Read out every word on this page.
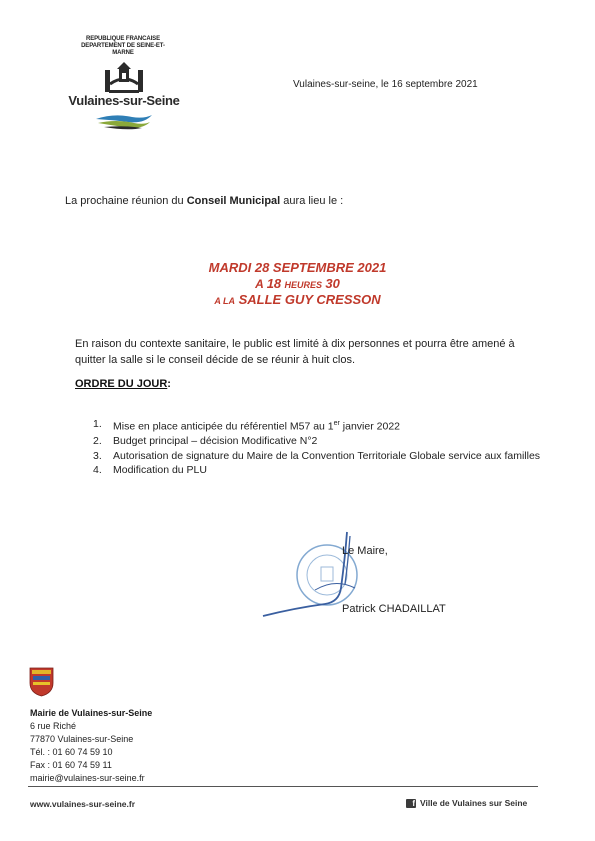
REPUBLIQUE FRANCAISE
DEPARTEMENT DE SEINE-ET-
MARNE
Vulaines-sur-Seine
Vulaines-sur-seine, le 16 septembre 2021
La prochaine réunion du Conseil Municipal aura lieu le :
MARDI 28 SEPTEMBRE 2021
A 18 HEURES 30
A LA SALLE GUY CRESSON
En raison du contexte sanitaire, le public est limité à dix personnes et pourra être amené à quitter la salle si le conseil décide de se réunir à huit clos.
ORDRE DU JOUR:
1.	Mise en place anticipée du référentiel M57 au 1er janvier 2022
2.	Budget principal – décision Modificative N°2
3.	Autorisation de signature du Maire de la Convention Territoriale Globale service aux familles
4.	Modification du PLU
Le Maire,
Patrick CHADAILLAT
Mairie de Vulaines-sur-Seine
6 rue Riché
77870 Vulaines-sur-Seine
Tél. : 01 60 74 59 10
Fax : 01 60 74 59 11
mairie@vulaines-sur-seine.fr
www.vulaines-sur-seine.fr	f Ville de Vulaines sur Seine
